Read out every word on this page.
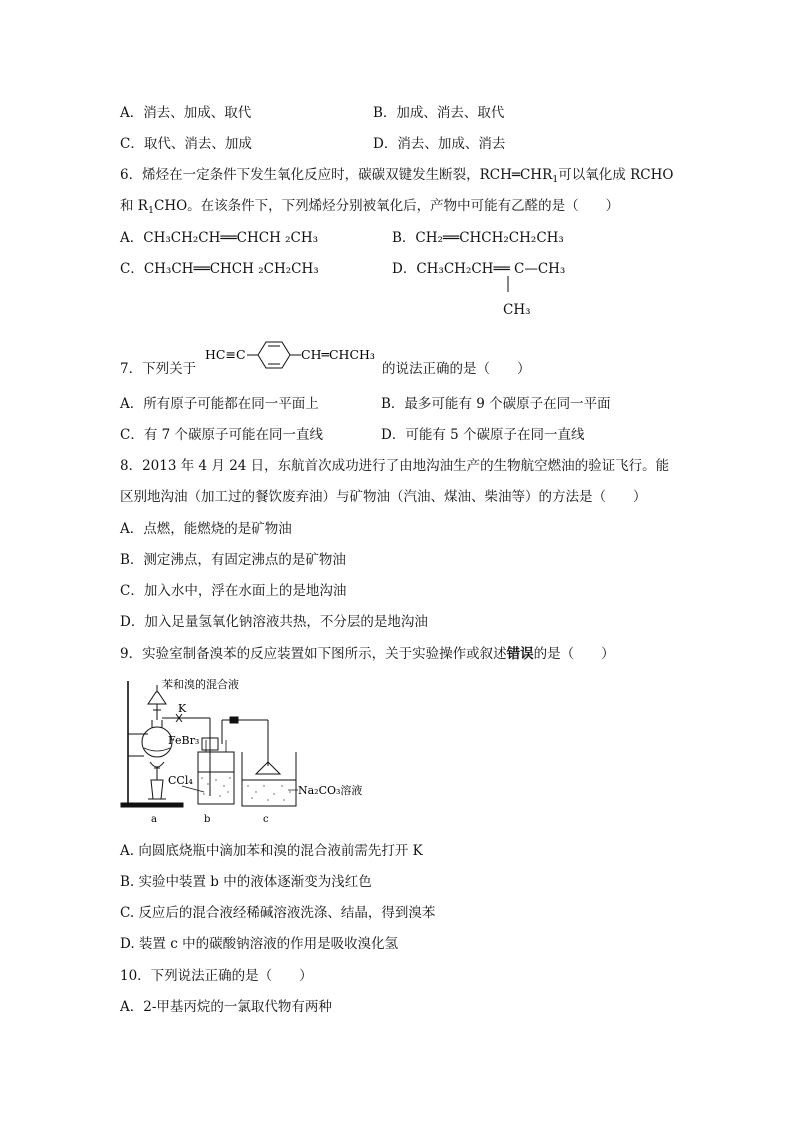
A．消去、加成、取代	B．加成、消去、取代
C．取代、消去、加成	D．消去、加成、消去
6．烯烃在一定条件下发生氧化反应时，碳碳双键发生断裂，$RCH═CHR_1$可以氧化成 RCHO
和 $R_1CHO$。在该条件下，下列烯烃分别被氧化后，产物中可能有乙醛的是（　　）
A．CH₃CH₂CH══CHCH ₂CH₃	B．CH₂══CHCH₂CH₂CH₃
C．CH₃CH══CHCH ₂CH₂CH₃	D．CH₃CH₂CH══ C—CH₃
CH₃
7．下列关于
HC≡C	CH═CHCH₃
的说法正确的是（　　）
A．所有原子可能都在同一平面上	B．最多可能有 9 个碳原子在同一平面
C．有 7 个碳原子可能在同一直线	D．可能有 5 个碳原子在同一直线
8．2013 年 4 月 24 日，东航首次成功进行了由地沟油生产的生物航空燃油的验证飞行。能
区别地沟油（加工过的餐饮废弃油）与矿物油（汽油、煤油、柴油等）的方法是（　　）
A．点燃，能燃烧的是矿物油
B．测定沸点，有固定沸点的是矿物油
C．加入水中，浮在水面上的是地沟油
D．加入足量氢氧化钠溶液共热，不分层的是地沟油
9．实验室制备溴苯的反应装置如下图所示，关于实验操作或叙述错误的是（　　）
苯和溴的混合液
K
FeBr₃
CCl₄
Na₂CO₃溶液
a	b	c
A. 向圆底烧瓶中滴加苯和溴的混合液前需先打开 K
B. 实验中装置 b 中的液体逐渐变为浅红色
C. 反应后的混合液经稀碱溶液洗涤、结晶，得到溴苯
D. 装置 c 中的碳酸钠溶液的作用是吸收溴化氢
10．下列说法正确的是（　　）
A．2-甲基丙烷的一氯取代物有两种
